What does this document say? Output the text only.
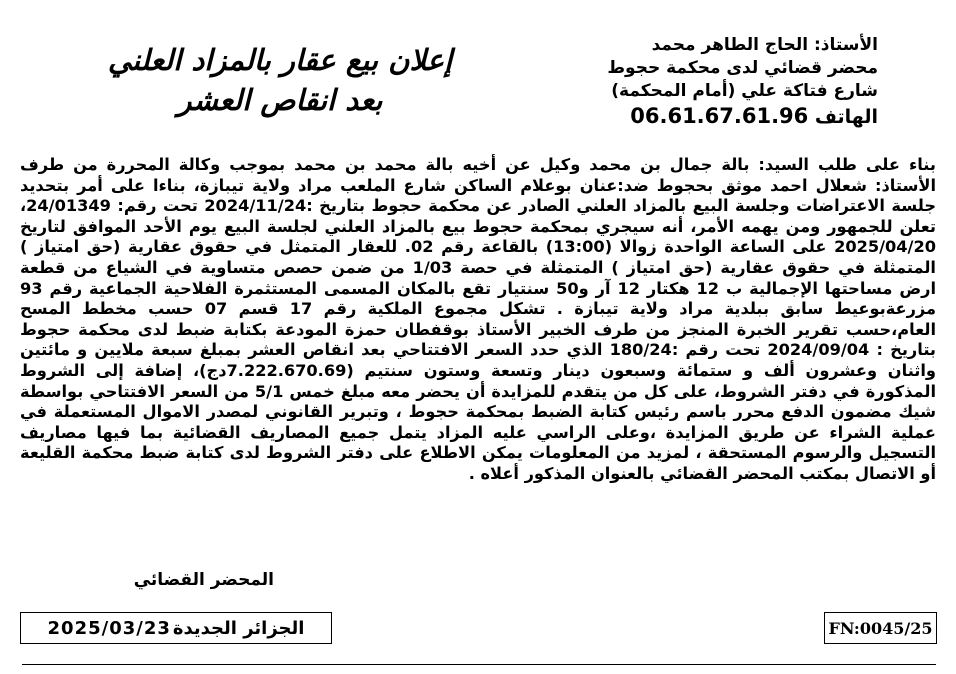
الأستاذ: الحاج الطاهر محمد
محضر قضائي لدى محكمة حجوط
شارع فتاكة علي (أمام المحكمة)
الهاتف 06.61.67.61.96
إعلان بيع عقار بالمزاد العلني
بعد انقاص العشر
بناء على طلب السيد: بالة جمال بن محمد وكيل عن أخيه بالة محمد بن محمد بموجب وكالة المحررة من طرف الأستاذ: شعلال احمد موثق بحجوط ضد:عنان بوعلام الساكن شارع الملعب مراد ولاية تيبازة، بناءا على أمر بتحديد جلسة الاعتراضات وجلسة البيع بالمزاد العلني الصادر عن محكمة حجوط بتاريخ :2024/11/24 تحت رقم: 24/01349، تعلن للجمهور ومن يهمه الأمر، أنه سيجري بمحكمة حجوط بيع بالمزاد العلني لجلسة البيع يوم الأحد الموافق لتاريخ 2025/04/20 على الساعة الواحدة زوالا (13:00) بالقاعة رقم 02. للعقار المتمثل في حقوق عقارية (حق امتياز ) المتمثلة في حقوق عقارية (حق امتياز ) المتمثلة في حصة 1/03 من ضمن حصص متساوية في الشياع من قطعة ارض مساحتها الإجمالية ب 12 هكتار 12 آر و50 سنتيار تقع بالمكان المسمى المستثمرة الفلاحية الجماعية رقم 93 مزرعةبوعيط سابق ببلدية مراد ولاية تيبازة . تشكل مجموع الملكية رقم 17 قسم 07 حسب مخطط المسح العام،حسب تقرير الخبرة المنجز من طرف الخبير الأستاذ بوقفطان حمزة المودعة بكتابة ضبط لدى محكمة حجوط بتاريخ : 2024/09/04 تحت رقم :180/24 الذي حدد السعر الافتتاحي بعد انقاص العشر بمبلغ سبعة ملايين و مائتين واثنان وعشرون ألف و ستمائة وسبعون دينار وتسعة وستون سنتيم (7.222.670.69دج)، إضافة إلى الشروط المذكورة في دفتر الشروط، على كل من يتقدم للمزايدة أن يحضر معه مبلغ خمس 5/1 من السعر الافتتاحي بواسطة شيك مضمون الدفع محرر باسم رئيس كتابة الضبط بمحكمة حجوط ، وتبرير القانوني لمصدر الاموال المستعملة في عملية الشراء عن طريق المزايدة ،وعلى الراسي عليه المزاد يتمل جميع المصاريف القضائية بما فيها مصاريف التسجيل والرسوم المستحقة ، لمزيد من المعلومات يمكن الاطلاع على دفتر الشروط لدى كتابة ضبط محكمة القليعة أو الاتصال بمكتب المحضر القضائي بالعنوان المذكور أعلاه .
المحضر القضائي
2025/03/23 الجزائر الجديدة	FN:0045/25
